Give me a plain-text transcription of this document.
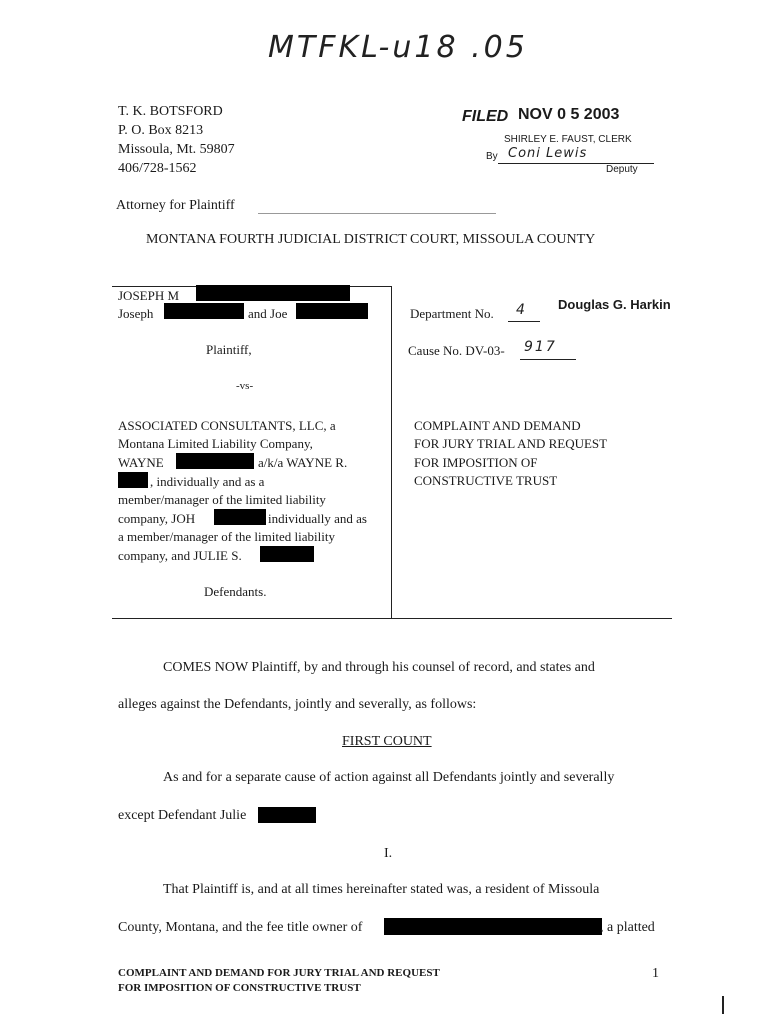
MTFKL-u18 .05
T. K. BOTSFORD
P. O. Box 8213
Missoula, Mt. 59807
406/728-1562
Attorney for Plaintiff
FILED NOV 0 5 2003
SHIRLEY E. FAUST, CLERK
By Coni Lewis
Deputy
MONTANA FOURTH JUDICIAL DISTRICT COURT, MISSOULA COUNTY
JOSEPH M
Joseph	and Joe
Plaintiff,
-vs-
ASSOCIATED CONSULTANTS, LLC, a
Montana Limited Liability Company,
WAYNE	a/k/a WAYNE R.
, individually and as a
member/manager of the limited liability
company, JOH	individually and as
a member/manager of the limited liability
company, and JULIE S.
Defendants.
Department No. 4	Douglas G. Harkin
Cause No. DV-03- 917
COMPLAINT AND DEMAND
FOR JURY TRIAL AND REQUEST
FOR IMPOSITION OF
CONSTRUCTIVE TRUST
COMES NOW Plaintiff, by and through his counsel of record, and states and
alleges against the Defendants, jointly and severally, as follows:
FIRST COUNT
As and for a separate cause of action against all Defendants jointly and severally
except Defendant Julie
I.
That Plaintiff is, and at all times hereinafter stated was, a resident of Missoula
County, Montana, and the fee title owner of	, a platted
COMPLAINT AND DEMAND FOR JURY TRIAL AND REQUEST
FOR IMPOSITION OF CONSTRUCTIVE TRUST
1
